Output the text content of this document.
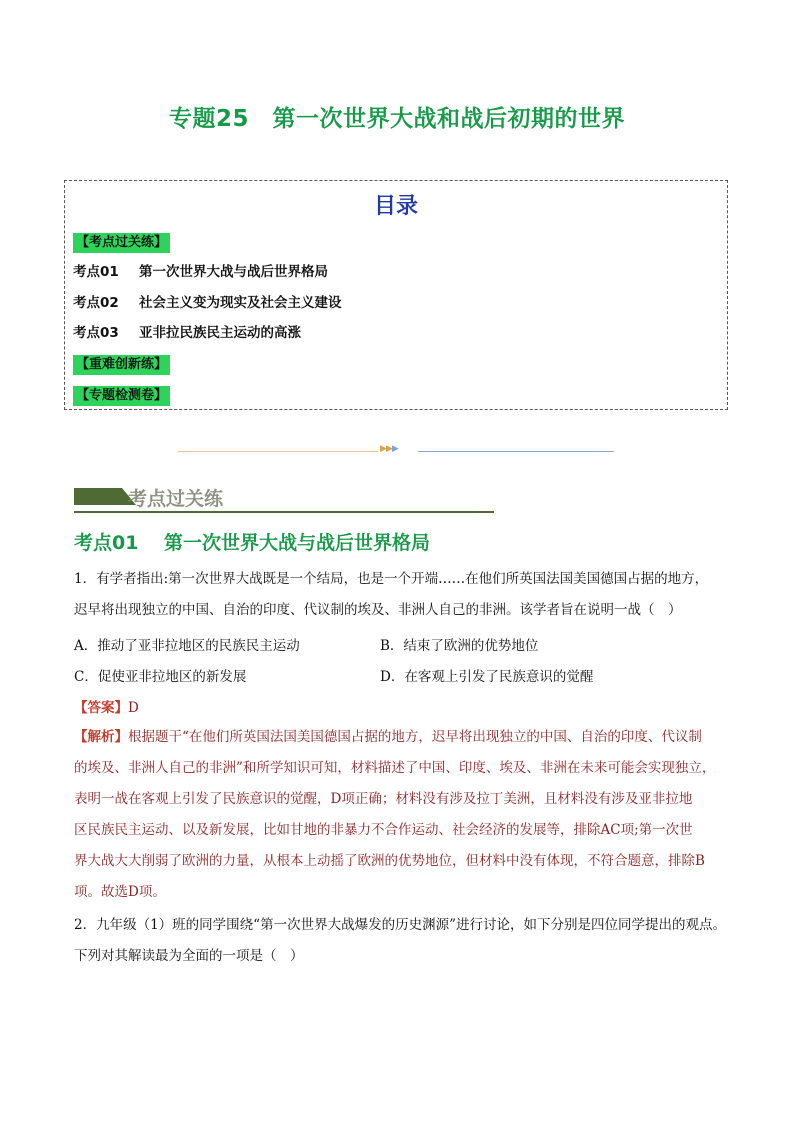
专题25　第一次世界大战和战后初期的世界
目录
【考点过关练】
考点01 第一次世界大战与战后世界格局
考点02 社会主义变为现实及社会主义建设
考点03 亚非拉民族民主运动的高涨
【重难创新练】
【专题检测卷】
▶▶▶
考点过关练
考点01 第一次世界大战与战后世界格局
1．有学者指出:第一次世界大战既是一个结局，也是一个开端……在他们所英国法国美国德国占据的地方，
迟早将出现独立的中国、自治的印度、代议制的埃及、非洲人自己的非洲。该学者旨在说明一战（　）
A．推动了亚非拉地区的民族民主运动	B．结束了欧洲的优势地位
C．促使亚非拉地区的新发展	D．在客观上引发了民族意识的觉醒
【答案】D
【解析】根据题干“在他们所英国法国美国德国占据的地方，迟早将出现独立的中国、自治的印度、代议制
的埃及、非洲人自己的非洲”和所学知识可知，材料描述了中国、印度、埃及、非洲在未来可能会实现独立，
表明一战在客观上引发了民族意识的觉醒，D项正确；材料没有涉及拉丁美洲，且材料没有涉及亚非拉地
区民族民主运动、以及新发展，比如甘地的非暴力不合作运动、社会经济的发展等，排除AC项;第一次世
界大战大大削弱了欧洲的力量，从根本上动摇了欧洲的优势地位，但材料中没有体现，不符合题意，排除B
项。故选D项。
2．九年级（1）班的同学围绕“第一次世界大战爆发的历史渊源”进行讨论，如下分别是四位同学提出的观点。
下列对其解读最为全面的一项是（　）
